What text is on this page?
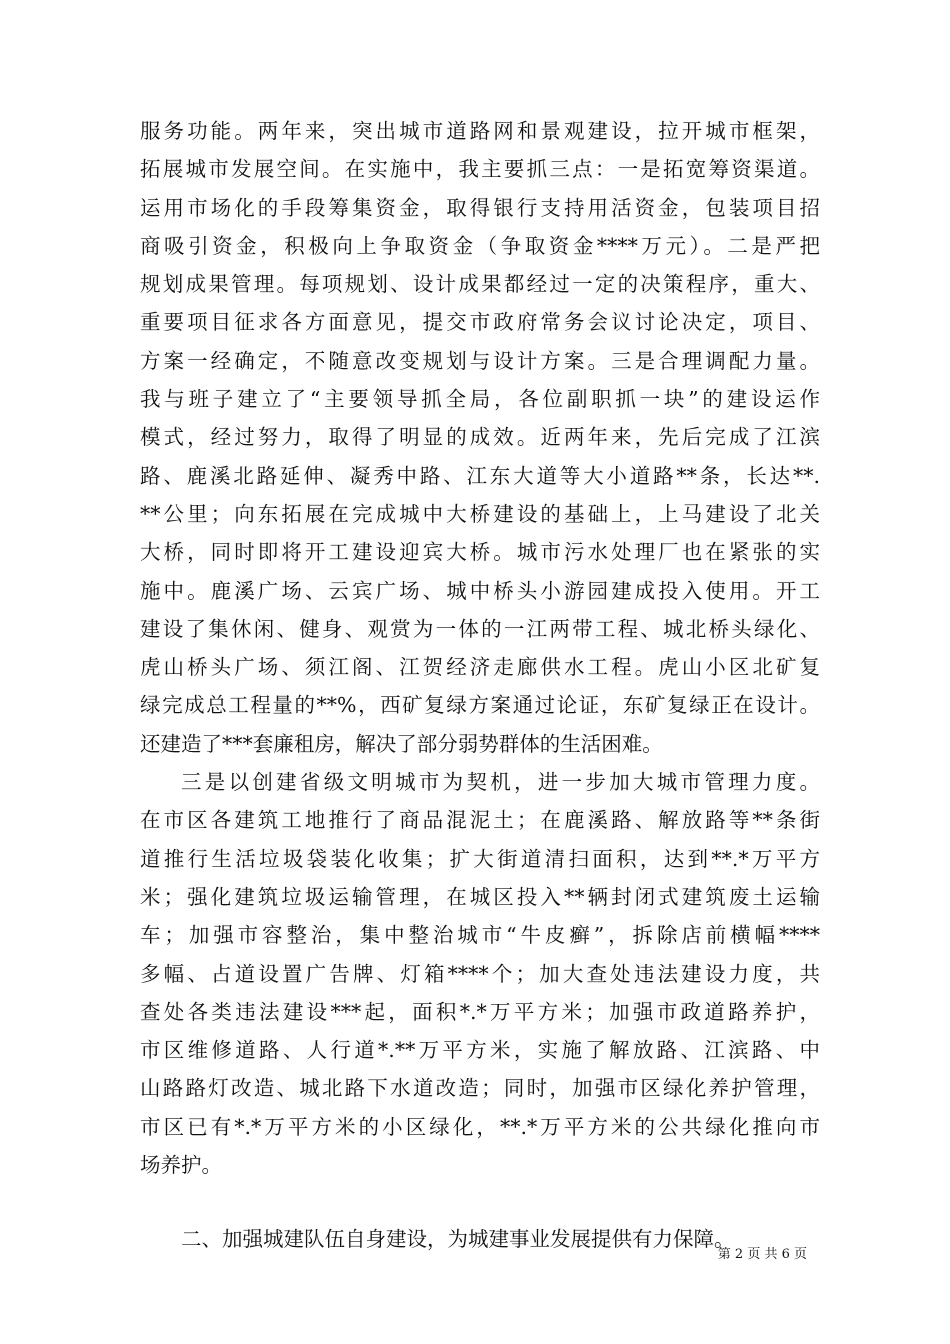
服务功能。两年来，突出城市道路网和景观建设，拉开城市框架，
拓展城市发展空间。在实施中，我主要抓三点：一是拓宽筹资渠道。
运用市场化的手段筹集资金，取得银行支持用活资金，包装项目招
商吸引资金，积极向上争取资金（争取资金****万元）。二是严把
规划成果管理。每项规划、设计成果都经过一定的决策程序，重大、
重要项目征求各方面意见，提交市政府常务会议讨论决定，项目、
方案一经确定，不随意改变规划与设计方案。三是合理调配力量。
我与班子建立了“主要领导抓全局，各位副职抓一块”的建设运作
模式，经过努力，取得了明显的成效。近两年来，先后完成了江滨
路、鹿溪北路延伸、凝秀中路、江东大道等大小道路**条，长达**.
**公里；向东拓展在完成城中大桥建设的基础上，上马建设了北关
大桥，同时即将开工建设迎宾大桥。城市污水处理厂也在紧张的实
施中。鹿溪广场、云宾广场、城中桥头小游园建成投入使用。开工
建设了集休闲、健身、观赏为一体的一江两带工程、城北桥头绿化、
虎山桥头广场、须江阁、江贺经济走廊供水工程。虎山小区北矿复
绿完成总工程量的**%，西矿复绿方案通过论证，东矿复绿正在设计。
还建造了***套廉租房，解决了部分弱势群体的生活困难。
三是以创建省级文明城市为契机，进一步加大城市管理力度。
在市区各建筑工地推行了商品混泥土；在鹿溪路、解放路等**条街
道推行生活垃圾袋装化收集；扩大街道清扫面积，达到**.*万平方
米；强化建筑垃圾运输管理，在城区投入**辆封闭式建筑废土运输
车；加强市容整治，集中整治城市“牛皮癣”，拆除店前横幅****
多幅、占道设置广告牌、灯箱****个；加大查处违法建设力度，共
查处各类违法建设***起，面积*.*万平方米；加强市政道路养护，
市区维修道路、人行道*.**万平方米，实施了解放路、江滨路、中
山路路灯改造、城北路下水道改造；同时，加强市区绿化养护管理，
市区已有*.*万平方米的小区绿化，**.*万平方米的公共绿化推向市
场养护。
二、加强城建队伍自身建设，为城建事业发展提供有力保障。
第 2 页 共 6 页
